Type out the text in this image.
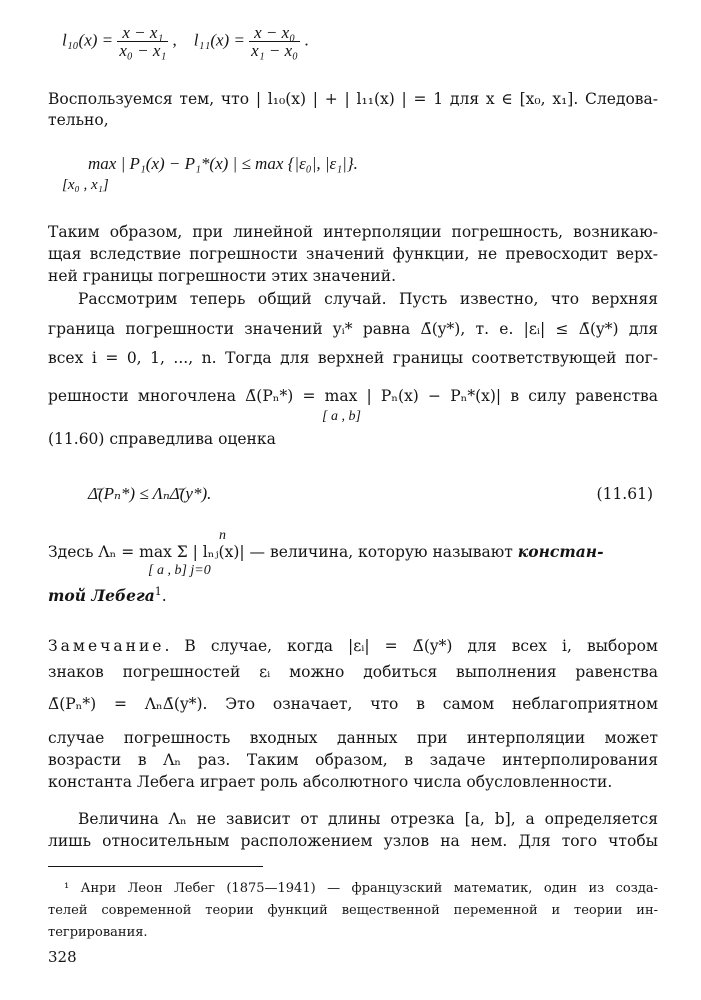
$l_{10}(x) = \frac{\text{x − x₁}}{\text{x₀ − x₁}}$ , $l_{11}(x) = \frac{\text{x − x₀}}{\text{x₁ − x₀}}$ .
Воспользуемся тем, что | l₁₀(x) | + | l₁₁(x) | = 1 для x ∈ [x₀, x₁]. Следова-
тельно,
max | P₁(x) − P₁*(x) | ≤ max {|ε₀|, |ε₁|}.
[x₀ , x₁]
Таким образом, при линейной интерполяции погрешность, возникаю-
щая вследствие погрешности значений функции, не превосходит верх-
ней границы погрешности этих значений.
Рассмотрим теперь общий случай. Пусть известно, что верхняя
граница погрешности значений yᵢ* равна Δ̄(y*), т. е. |εᵢ| ≤ Δ̄(y*) для
всех i = 0, 1, ..., n. Тогда для верхней границы соответствующей пог-
решности многочлена Δ̄(Pₙ*) = max | Pₙ(x) − Pₙ*(x)| в силу равенства
[ a , b]
(11.60) справедлива оценка
Δ̄(Pₙ*) ≤ ΛₙΔ̄(y*).	(11.61)
n
Здесь Λₙ = max Σ | lₙⱼ(x)| — величина, которую называют констан-
[ a , b] j=0
той Лебега$^1$.
Замечание. В случае, когда |εᵢ| = Δ̄(y*) для всех i, выбором
знаков погрешностей εᵢ можно добиться выполнения равенства
Δ̄(Pₙ*) = ΛₙΔ̄(y*). Это означает, что в самом неблагоприятном
случае погрешность входных данных при интерполяции может
возрасти в Λₙ раз. Таким образом, в задаче интерполирования
константа Лебега играет роль абсолютного числа обусловленности.
Величина Λₙ не зависит от длины отрезка [a, b], а определяется
лишь относительным расположением узлов на нем. Для того чтобы
¹ Анри Леон Лебег (1875—1941) — французский математик, один из созда-
телей современной теории функций вещественной переменной и теории ин-
тегрирования.
328
